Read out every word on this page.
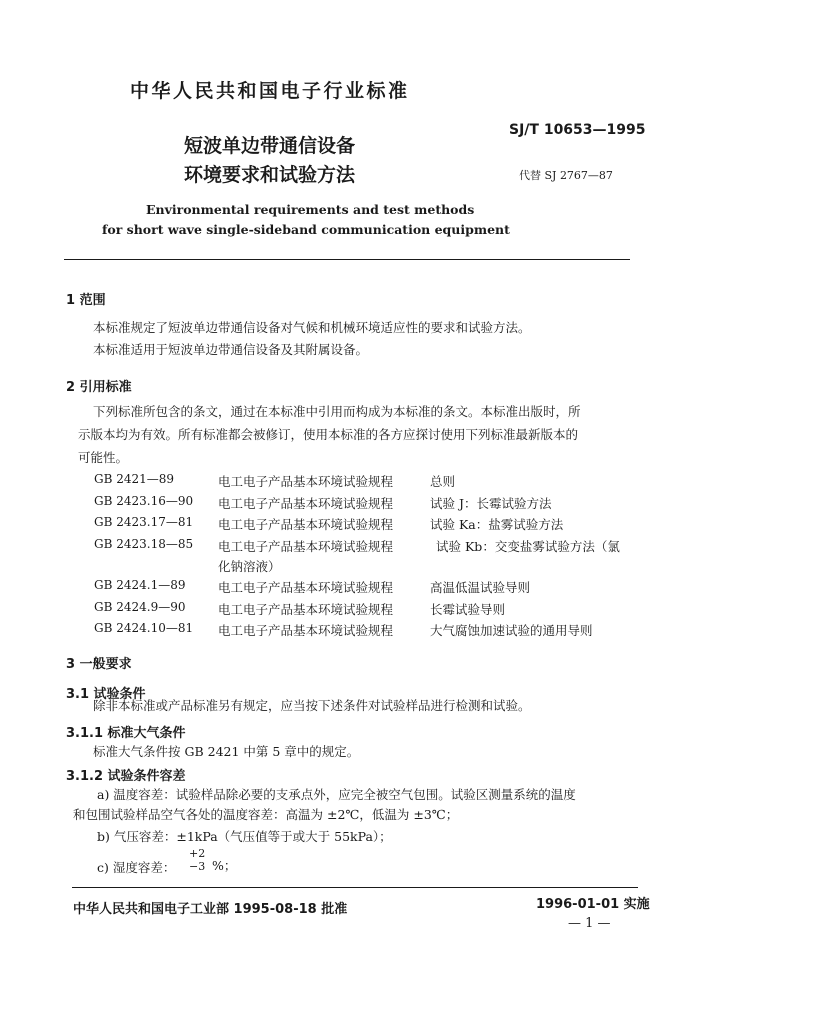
中华人民共和国电子行业标准
SJ/T 10653—1995
短波单边带通信设备
环境要求和试验方法	代替 SJ 2767—87
Environmental requirements and test methods
for short wave single-sideband communication equipment
1 范围
本标准规定了短波单边带通信设备对气候和机械环境适应性的要求和试验方法。
本标准适用于短波单边带通信设备及其附属设备。
2 引用标准
下列标准所包含的条文，通过在本标准中引用而构成为本标准的条文。本标准出版时，所
示版本均为有效。所有标准都会被修订，使用本标准的各方应探讨使用下列标准最新版本的
可能性。
GB 2421—89	电工电子产品基本环境试验规程	总则
GB 2423.16—90 电工电子产品基本环境试验规程	试验 J：长霉试验方法
GB 2423.17—81 电工电子产品基本环境试验规程	试验 Ka：盐雾试验方法
GB 2423.18—85 电工电子产品基本环境试验规程	试验 Kb：交变盐雾试验方法（氯
化钠溶液）
GB 2424.1—89	电工电子产品基本环境试验规程	高温低温试验导则
GB 2424.9—90	电工电子产品基本环境试验规程	长霉试验导则
GB 2424.10—81 电工电子产品基本环境试验规程	大气腐蚀加速试验的通用导则
3 一般要求
3.1 试验条件
除非本标准或产品标准另有规定，应当按下述条件对试验样品进行检测和试验。
3.1.1 标准大气条件
标准大气条件按 GB 2421 中第 5 章中的规定。
3.1.2 试验条件容差
a) 温度容差：试验样品除必要的支承点外，应完全被空气包围。试验区测量系统的温度
和包围试验样品空气各处的温度容差：高温为 ±2℃，低温为 ±3℃；
b) 气压容差：±1kPa（气压值等于或大于 55kPa）；
c) 湿度容差：
+2
−3 %；
中华人民共和国电子工业部 1995-08-18 批准	1996-01-01 实施
— 1 —
